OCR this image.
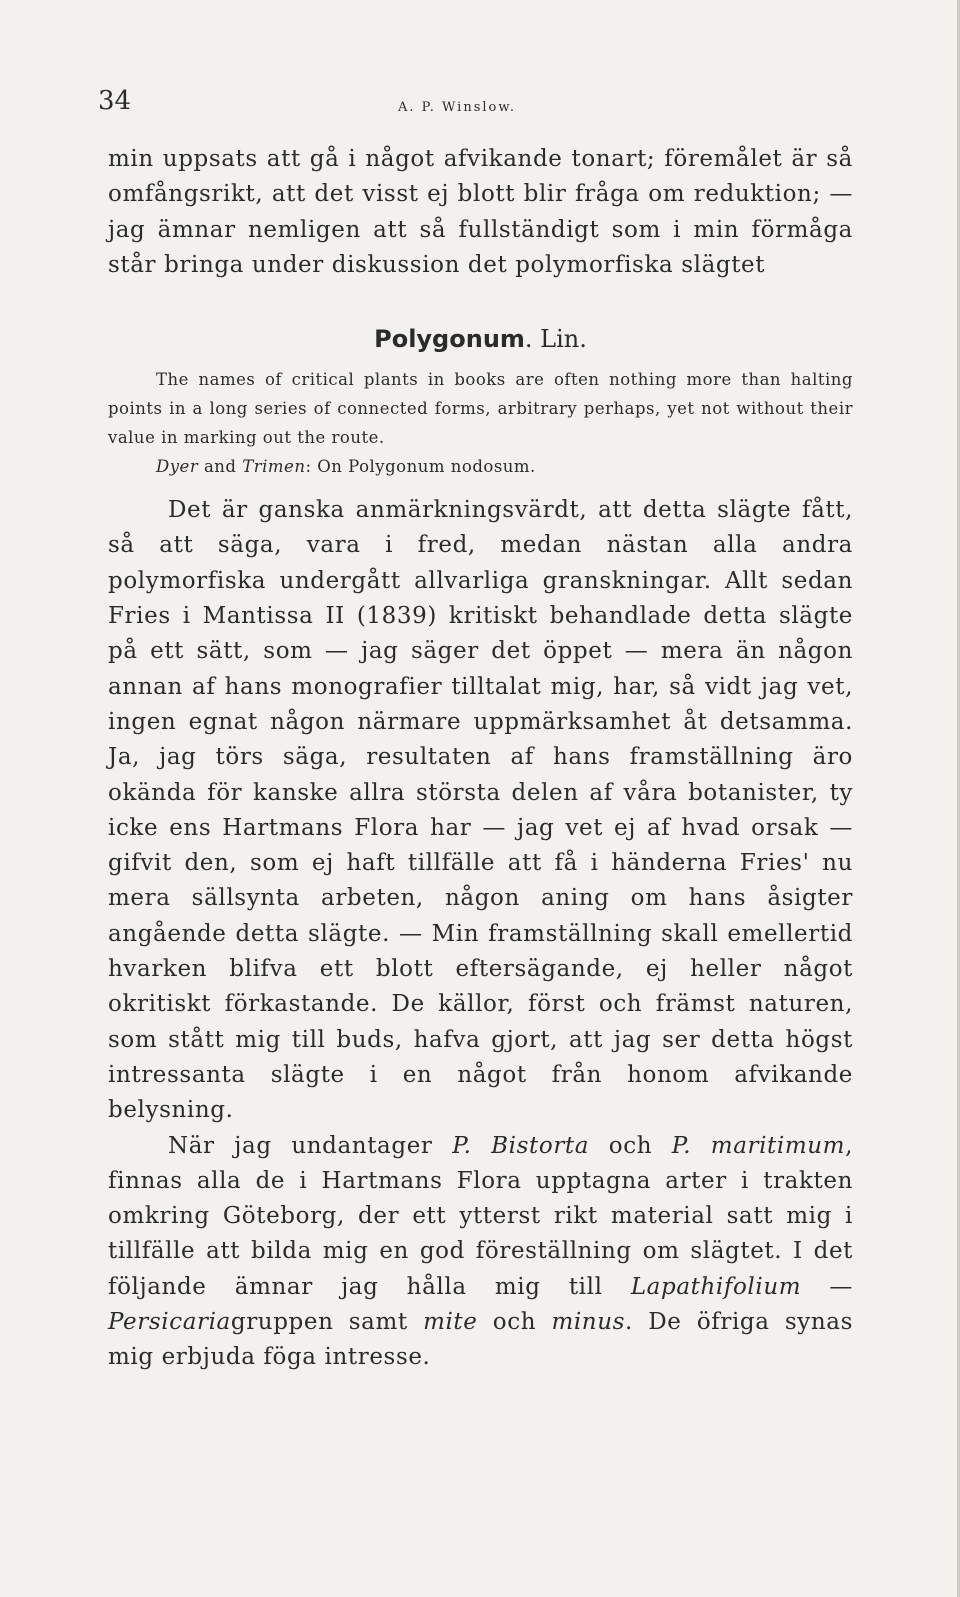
34	A. P. Winslow.

min uppsats att gå i något afvikande tonart; föremålet är så omfångsrikt, att det visst ej blott blir fråga om reduktion; — jag ämnar nemligen att så fullständigt som i min förmåga står bringa under diskussion det polymorfiska slägtet

Polygonum. Lin.

The names of critical plants in books are often nothing more than halting points in a long series of connected forms, arbitrary perhaps, yet not without their value in marking out the route.

Dyer and Trimen: On Polygonum nodosum.

Det är ganska anmärkningsvärdt, att detta slägte fått, så att säga, vara i fred, medan nästan alla andra polymorfiska undergått allvarliga granskningar. Allt sedan Fries i Mantissa II (1839) kritiskt behandlade detta slägte på ett sätt, som — jag säger det öppet — mera än någon annan af hans monografier tilltalat mig, har, så vidt jag vet, ingen egnat någon närmare uppmärksamhet åt detsamma. Ja, jag törs säga, resultaten af hans framställning äro okända för kanske allra största delen af våra botanister, ty icke ens Hartmans Flora har — jag vet ej af hvad orsak — gifvit den, som ej haft tillfälle att få i händerna Fries' nu mera sällsynta arbeten, någon aning om hans åsigter angående detta slägte. — Min framställning skall emellertid hvarken blifva ett blott eftersägande, ej heller något okritiskt förkastande. De källor, först och främst naturen, som stått mig till buds, hafva gjort, att jag ser detta högst intressanta slägte i en något från honom afvikande belysning.

När jag undantager P. Bistorta och P. maritimum, finnas alla de i Hartmans Flora upptagna arter i trakten omkring Göteborg, der ett ytterst rikt material satt mig i tillfälle att bilda mig en god föreställning om slägtet. I det följande ämnar jag hålla mig till Lapathifolium — Persicariagruppen samt mite och minus. De öfriga synas mig erbjuda föga intresse.
